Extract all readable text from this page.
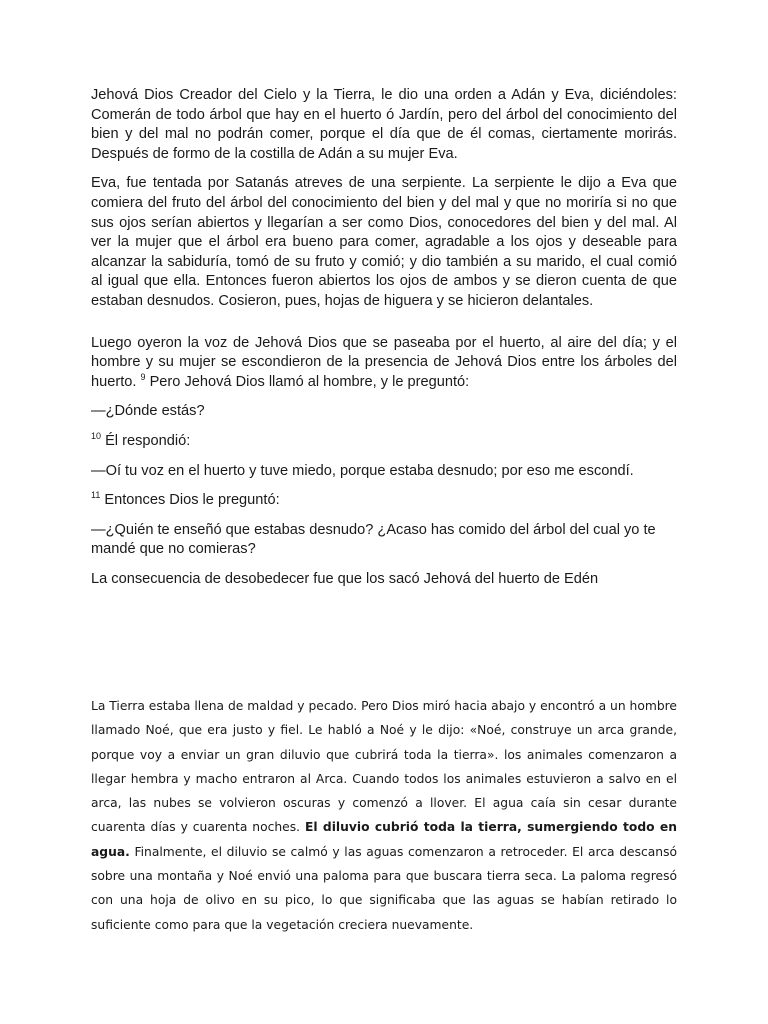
Jehová Dios Creador del Cielo y la Tierra, le dio una orden a Adán y Eva, diciéndoles: Comerán de todo árbol que hay en el huerto ó Jardín, pero del árbol del conocimiento del bien y del mal no podrán comer, porque el día que de él comas, ciertamente morirás. Después de formo de la costilla de Adán a su mujer Eva.

Eva, fue tentada por Satanás atreves de una serpiente. La serpiente le dijo a Eva que comiera del fruto del árbol del conocimiento del bien y del mal y que no moriría si no que sus ojos serían abiertos y llegarían a ser como Dios, conocedores del bien y del mal. Al ver la mujer que el árbol era bueno para comer, agradable a los ojos y deseable para alcanzar la sabiduría, tomó de su fruto y comió; y dio también a su marido, el cual comió al igual que ella. Entonces fueron abiertos los ojos de ambos y se dieron cuenta de que estaban desnudos. Cosieron, pues, hojas de higuera y se hicieron delantales.

Luego oyeron la voz de Jehová Dios que se paseaba por el huerto, al aire del día; y el hombre y su mujer se escondieron de la presencia de Jehová Dios entre los árboles del huerto. $^9$ Pero Jehová Dios llamó al hombre, y le preguntó:

—¿Dónde estás?

$^{10}$ Él respondió:

—Oí tu voz en el huerto y tuve miedo, porque estaba desnudo; por eso me escondí.

$^{11}$ Entonces Dios le preguntó:

—¿Quién te enseñó que estabas desnudo? ¿Acaso has comido del árbol del cual yo te mandé que no comieras?

La consecuencia de desobedecer fue que los sacó Jehová del huerto de Edén

La Tierra estaba llena de maldad y pecado. Pero Dios miró hacia abajo y encontró a un hombre llamado Noé, que era justo y fiel. Le habló a Noé y le dijo: «Noé, construye un arca grande, porque voy a enviar un gran diluvio que cubrirá toda la tierra». los animales comenzaron a llegar hembra y macho entraron al Arca. Cuando todos los animales estuvieron a salvo en el arca, las nubes se volvieron oscuras y comenzó a llover. El agua caía sin cesar durante cuarenta días y cuarenta noches. El diluvio cubrió toda la tierra, sumergiendo todo en agua. Finalmente, el diluvio se calmó y las aguas comenzaron a retroceder. El arca descansó sobre una montaña y Noé envió una paloma para que buscara tierra seca. La paloma regresó con una hoja de olivo en su pico, lo que significaba que las aguas se habían retirado lo suficiente como para que la vegetación creciera nuevamente.
